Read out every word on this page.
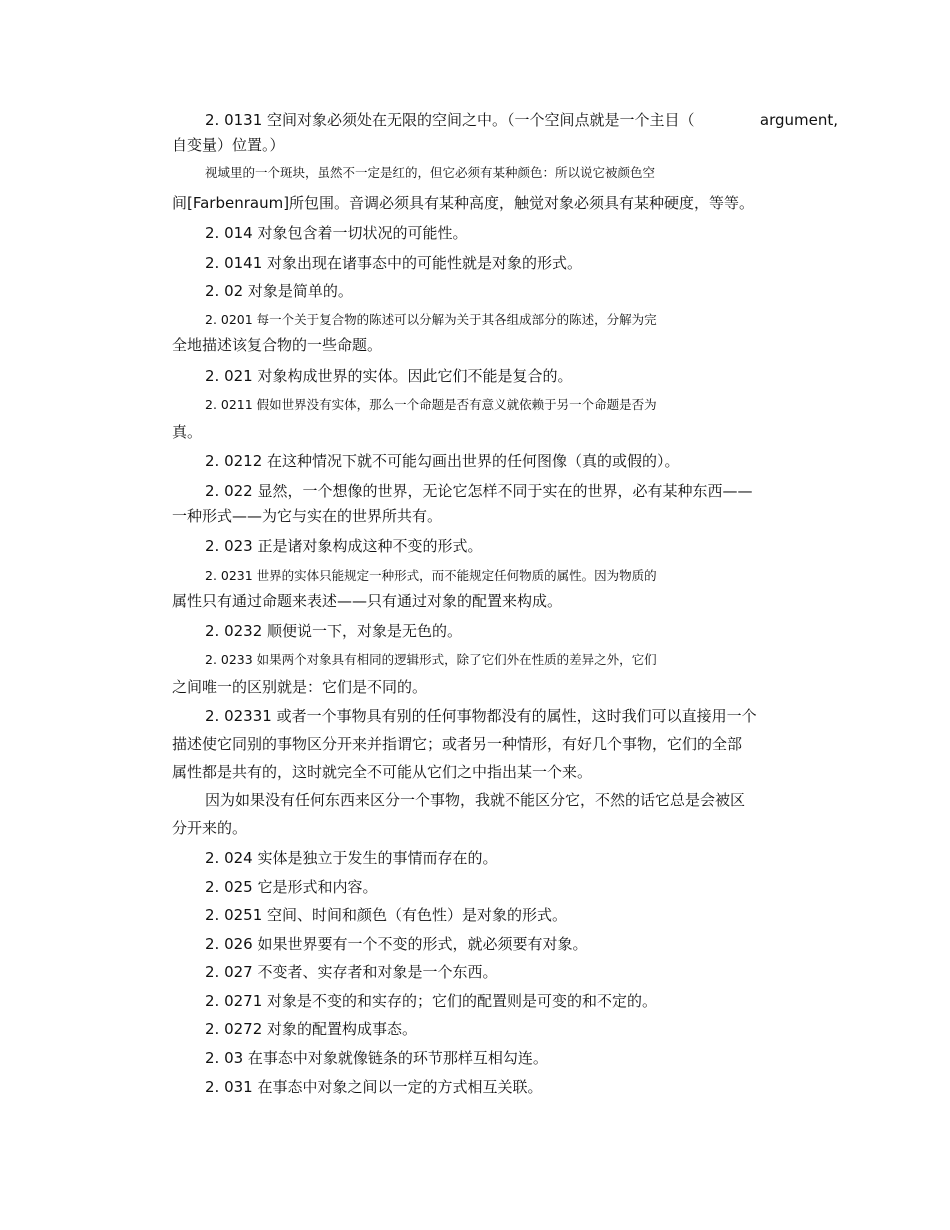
2. 0131 空间对象必须处在无限的空间之中。（一个空间点就是一个主目（	argument,
自变量）位置。）
视域里的一个斑块，虽然不一定是红的，但它必须有某种颜色：所以说它被颜色空
间[Farbenraum]所包围。音调必须具有某种高度，触觉对象必须具有某种硬度，等等。
2. 014 对象包含着一切状况的可能性。
2. 0141 对象出现在诸事态中的可能性就是对象的形式。
2. 02 对象是简单的。
2. 0201 每一个关于复合物的陈述可以分解为关于其各组成部分的陈述，分解为完
全地描述该复合物的一些命题。
2. 021 对象构成世界的实体。因此它们不能是复合的。
2. 0211 假如世界没有实体，那么一个命题是否有意义就依赖于另一个命题是否为
真。
2. 0212 在这种情况下就不可能勾画出世界的任何图像（真的或假的）。
2. 022 显然，一个想像的世界，无论它怎样不同于实在的世界，必有某种东西——
一种形式——为它与实在的世界所共有。
2. 023 正是诸对象构成这种不变的形式。
2. 0231 世界的实体只能规定一种形式，而不能规定任何物质的属性。因为物质的
属性只有通过命题来表述——只有通过对象的配置来构成。
2. 0232 顺便说一下，对象是无色的。
2. 0233 如果两个对象具有相同的逻辑形式，除了它们外在性质的差异之外，它们
之间唯一的区别就是：它们是不同的。
2. 02331 或者一个事物具有别的任何事物都没有的属性，这时我们可以直接用一个
描述使它同别的事物区分开来并指谓它；或者另一种情形，有好几个事物，它们的全部
属性都是共有的，这时就完全不可能从它们之中指出某一个来。
因为如果没有任何东西来区分一个事物，我就不能区分它，不然的话它总是会被区
分开来的。
2. 024 实体是独立于发生的事情而存在的。
2. 025 它是形式和内容。
2. 0251 空间、时间和颜色（有色性）是对象的形式。
2. 026 如果世界要有一个不变的形式，就必须要有对象。
2. 027 不变者、实存者和对象是一个东西。
2. 0271 对象是不变的和实存的；它们的配置则是可变的和不定的。
2. 0272 对象的配置构成事态。
2. 03 在事态中对象就像链条的环节那样互相勾连。
2. 031 在事态中对象之间以一定的方式相互关联。
